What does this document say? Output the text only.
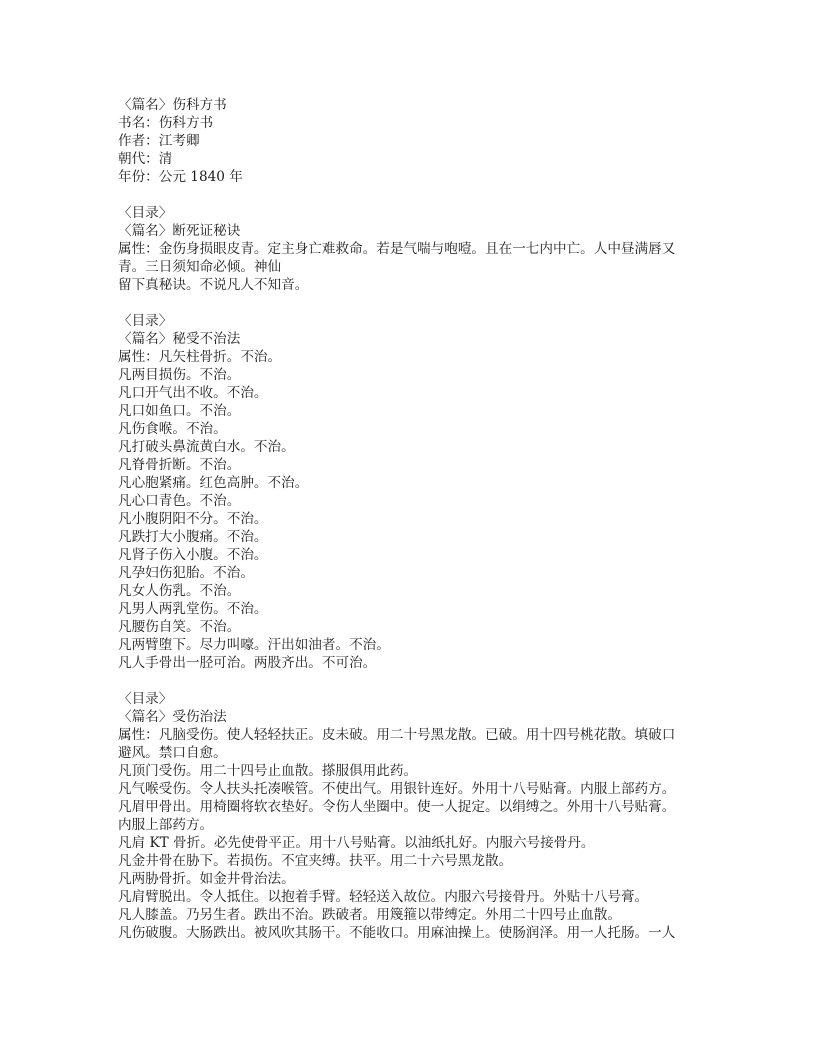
〈篇名〉伤科方书
书名：伤科方书
作者：江考卿
朝代：清
年份：公元 1840 年
〈目录〉
〈篇名〉断死证秘诀
属性：金伤身损眼皮青。定主身亡难救命。若是气喘与咆噎。且在一七内中亡。人中昼满唇又
青。三日须知命必倾。神仙
留下真秘诀。不说凡人不知音。
〈目录〉
〈篇名〉秘受不治法
属性：凡矢柱骨折。不治。
凡两目损伤。不治。
凡口开气出不收。不治。
凡口如鱼口。不治。
凡伤食喉。不治。
凡打破头鼻流黄白水。不治。
凡脊骨折断。不治。
凡心胞紧痛。红色高肿。不治。
凡心口青色。不治。
凡小腹阴阳不分。不治。
凡跌打大小腹痛。不治。
凡肾子伤入小腹。不治。
凡孕妇伤犯胎。不治。
凡女人伤乳。不治。
凡男人两乳堂伤。不治。
凡腰伤自笑。不治。
凡两臂堕下。尽力叫嚎。汗出如油者。不治。
凡人手骨出一胫可治。两股齐出。不可治。
〈目录〉
〈篇名〉受伤治法
属性：凡脑受伤。使人轻轻扶正。皮未破。用二十号黑龙散。已破。用十四号桃花散。填破口
避风。禁口自愈。
凡顶门受伤。用二十四号止血散。搽服俱用此药。
凡气喉受伤。令人扶头托凑喉管。不使出气。用银针连好。外用十八号贴膏。内服上部药方。
凡眉甲骨出。用椅圈将软衣垫好。令伤人坐圈中。使一人捉定。以绢缚之。外用十八号贴膏。
内服上部药方。
凡肩 KT 骨折。必先使骨平正。用十八号贴膏。以油纸扎好。内服六号接骨丹。
凡金井骨在胁下。若损伤。不宜夹缚。扶平。用二十六号黑龙散。
凡两胁骨折。如金井骨治法。
凡肩臂脱出。令人抵住。以抱着手臂。轻轻送入故位。内服六号接骨丹。外贴十八号膏。
凡人膝盖。乃另生者。跌出不治。跌破者。用篾箍以带缚定。外用二十四号止血散。
凡伤破腹。大肠跌出。被风吹其肠干。不能收口。用麻油操上。使肠润泽。用一人托肠。一人
